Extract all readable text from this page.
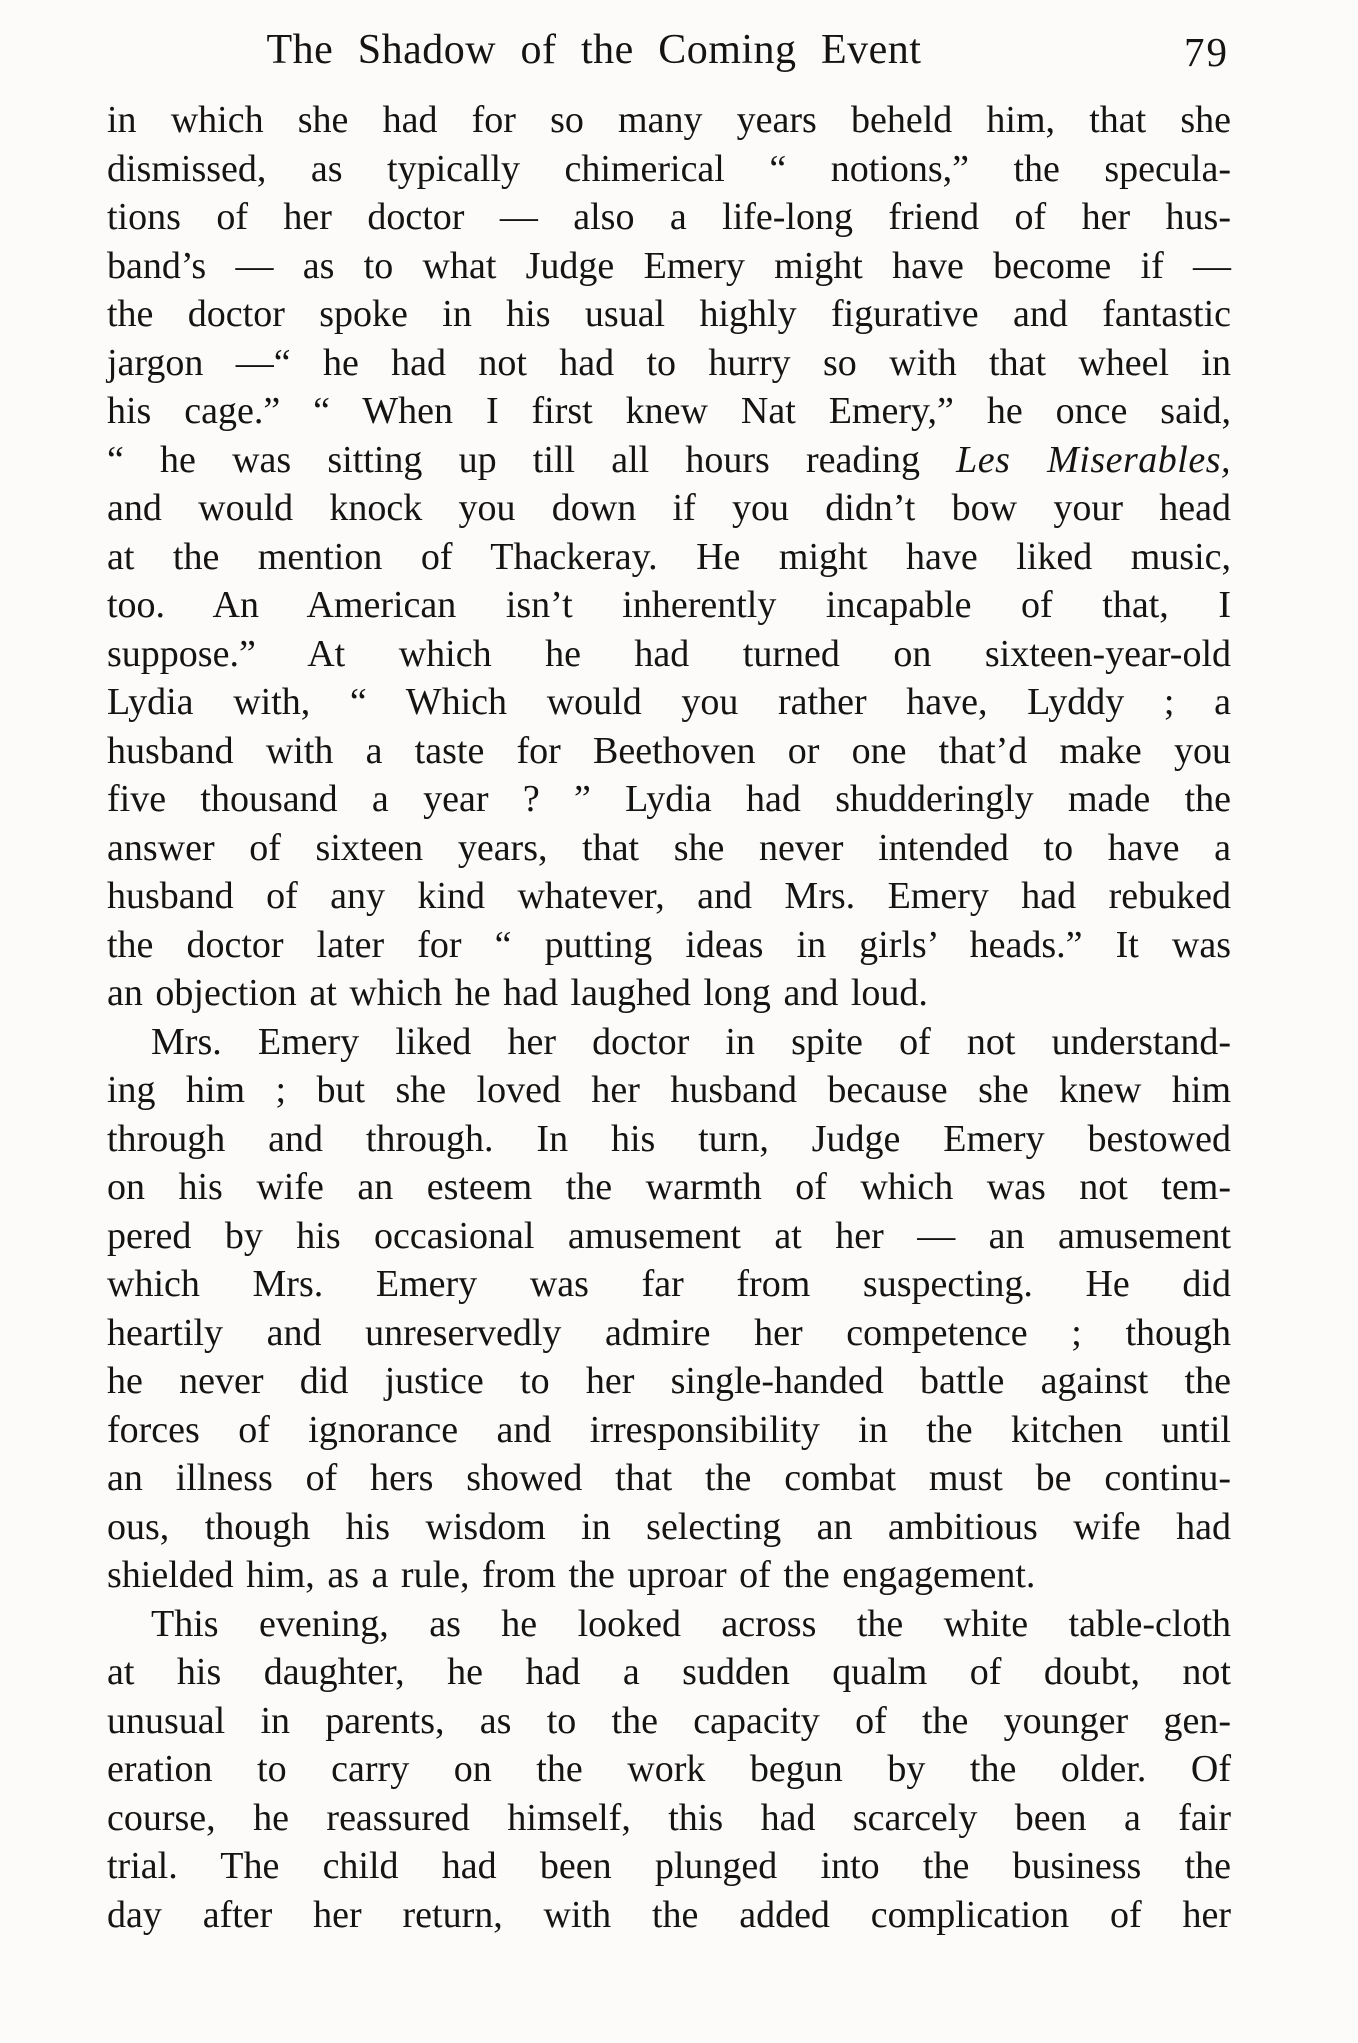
The Shadow of the Coming Event	79
in which she had for so many years beheld him, that she
dismissed, as typically chimerical “ notions,” the specula-
tions of her doctor — also a life-long friend of her hus-
band’s — as to what Judge Emery might have become if —
the doctor spoke in his usual highly figurative and fantastic
jargon —“ he had not had to hurry so with that wheel in
his cage.” “ When I first knew Nat Emery,” he once said,
“ he was sitting up till all hours reading Les Miserables,
and would knock you down if you didn’t bow your head
at the mention of Thackeray. He might have liked music,
too. An American isn’t inherently incapable of that, I
suppose.” At which he had turned on sixteen-year-old
Lydia with, “ Which would you rather have, Lyddy ; a
husband with a taste for Beethoven or one that’d make you
five thousand a year ? ” Lydia had shudderingly made the
answer of sixteen years, that she never intended to have a
husband of any kind whatever, and Mrs. Emery had rebuked
the doctor later for “ putting ideas in girls’ heads.” It was
an objection at which he had laughed long and loud.
Mrs. Emery liked her doctor in spite of not understand-
ing him ; but she loved her husband because she knew him
through and through. In his turn, Judge Emery bestowed
on his wife an esteem the warmth of which was not tem-
pered by his occasional amusement at her — an amusement
which Mrs. Emery was far from suspecting. He did
heartily and unreservedly admire her competence ; though
he never did justice to her single-handed battle against the
forces of ignorance and irresponsibility in the kitchen until
an illness of hers showed that the combat must be continu-
ous, though his wisdom in selecting an ambitious wife had
shielded him, as a rule, from the uproar of the engagement.
This evening, as he looked across the white table-cloth
at his daughter, he had a sudden qualm of doubt, not
unusual in parents, as to the capacity of the younger gen-
eration to carry on the work begun by the older. Of
course, he reassured himself, this had scarcely been a fair
trial. The child had been plunged into the business the
day after her return, with the added complication of her
